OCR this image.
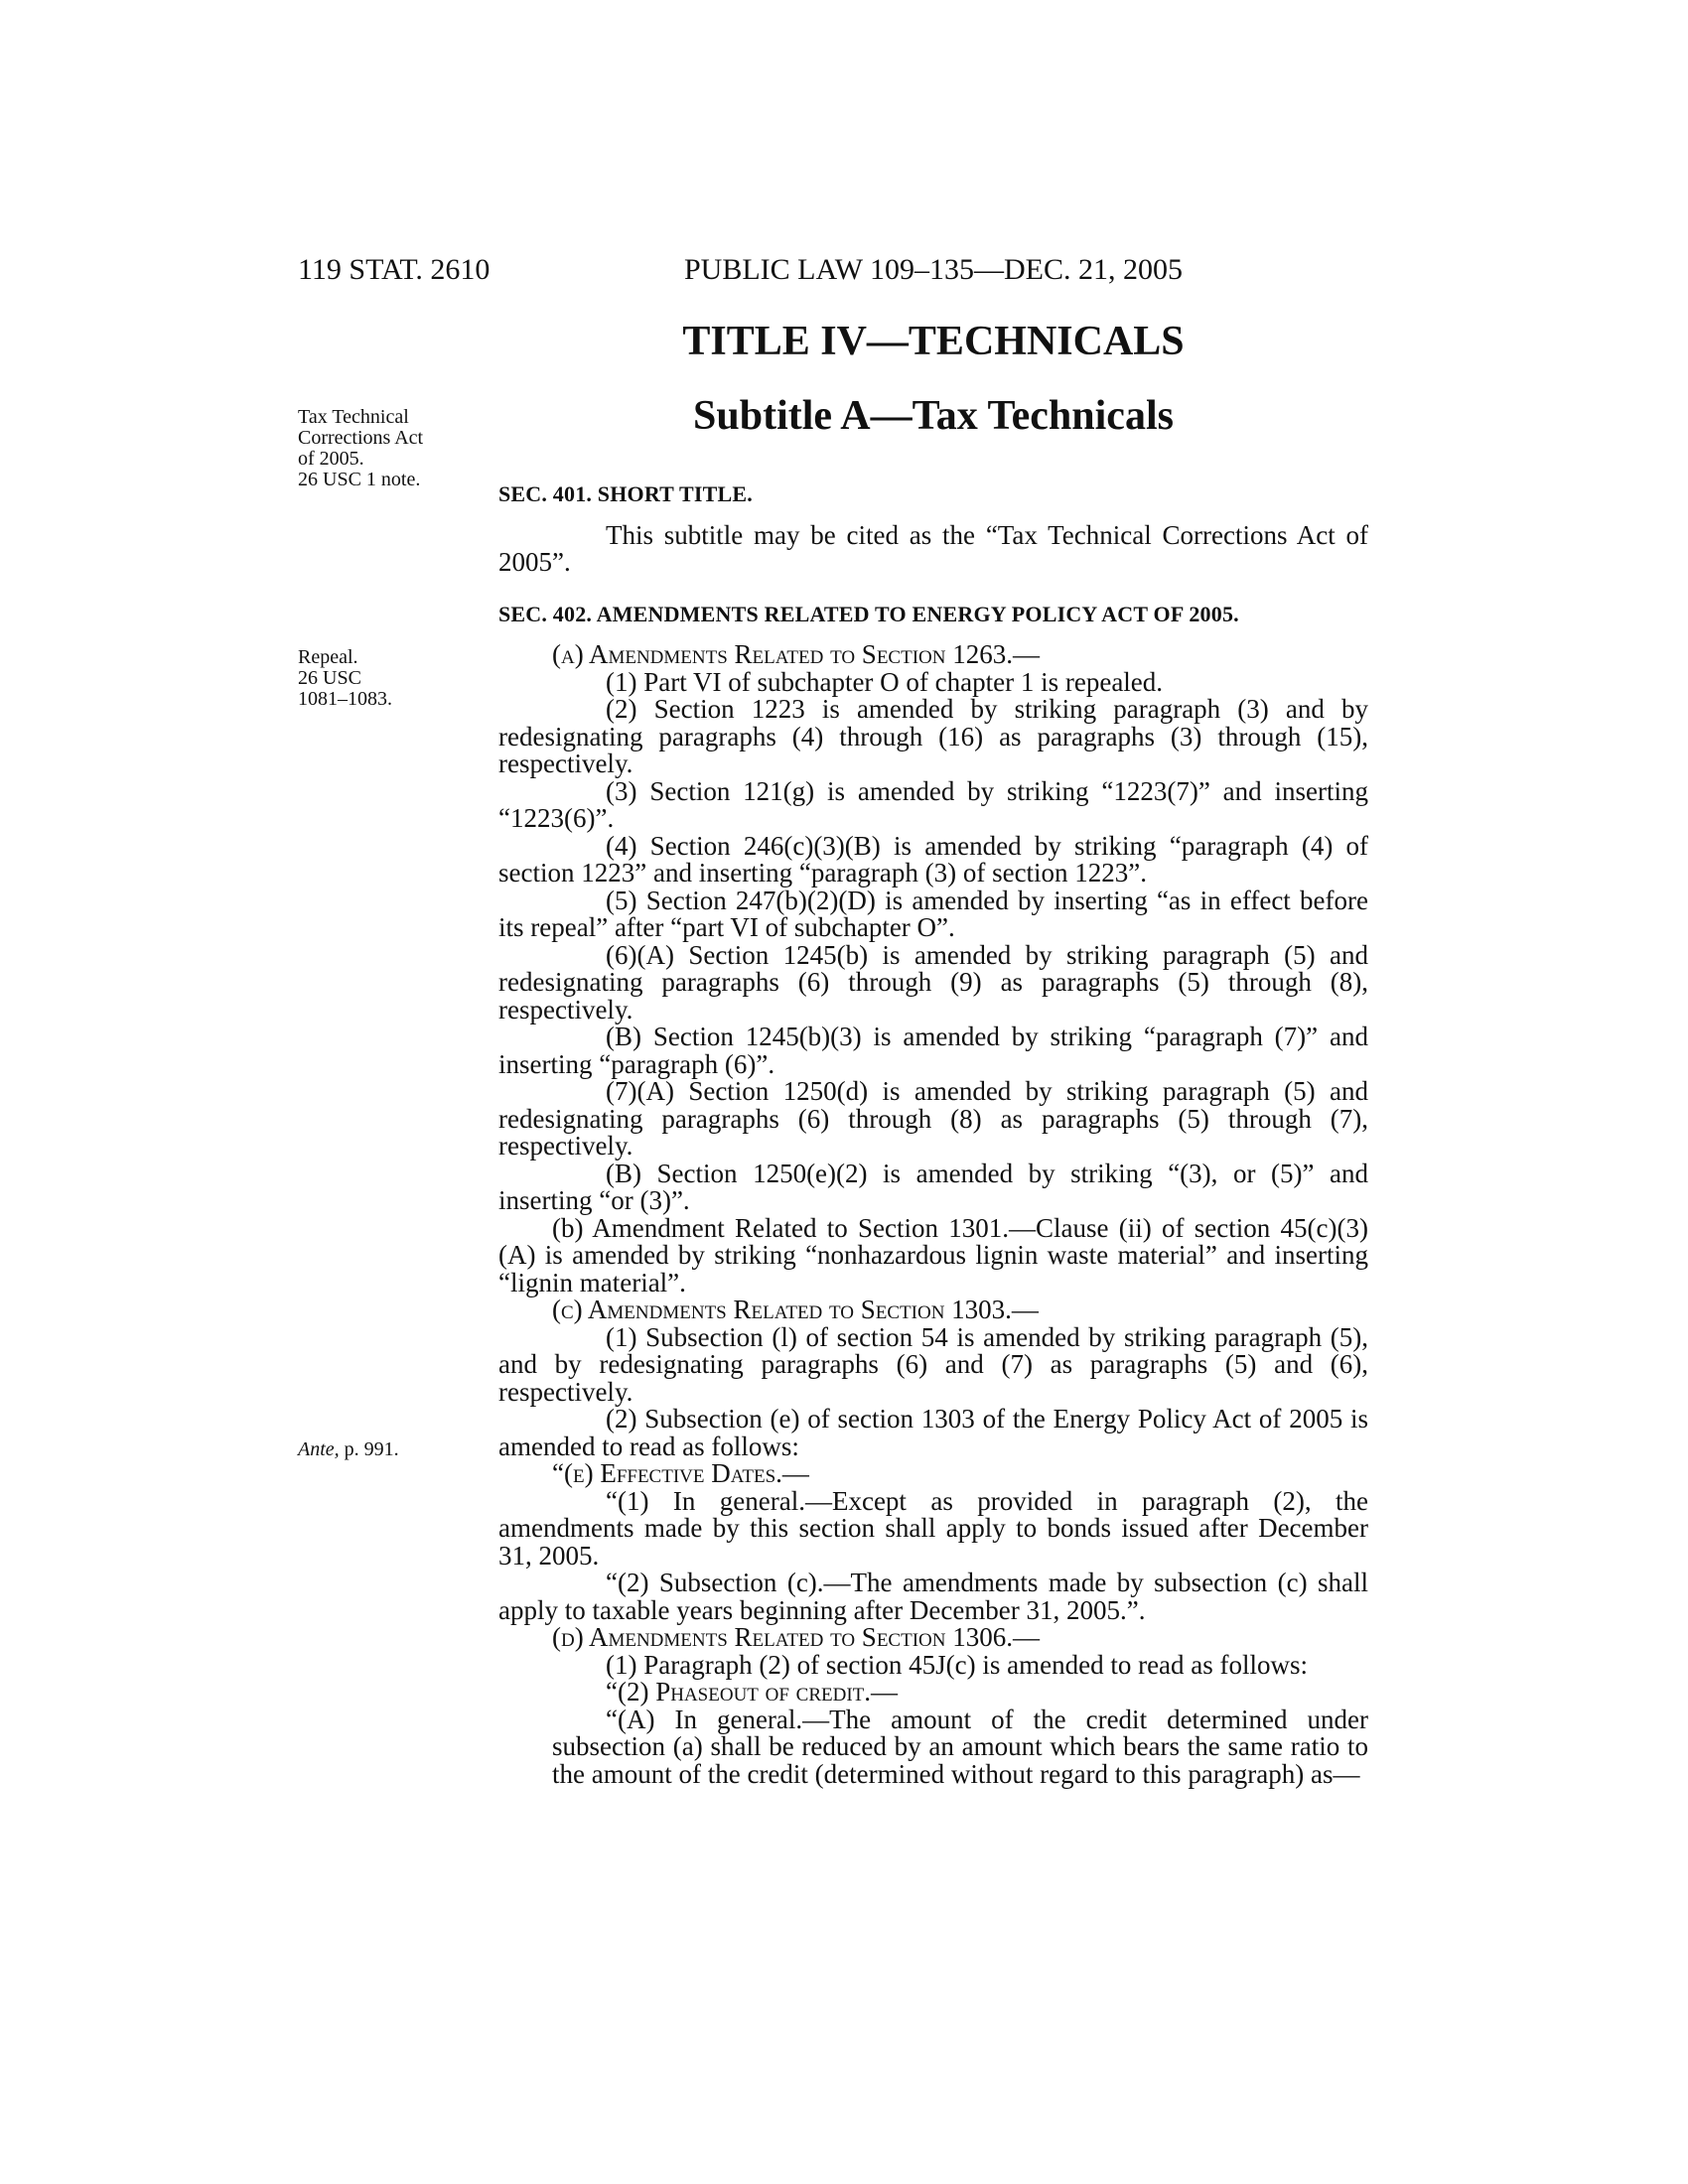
119 STAT. 2610	PUBLIC LAW 109–135—DEC. 21, 2005
TITLE IV—TECHNICALS
Subtitle A—Tax Technicals
Tax Technical
Corrections Act
of 2005.
26 USC 1 note.
Repeal.
26 USC
1081–1083.
Ante, p. 991.

SEC. 401. SHORT TITLE.

This subtitle may be cited as the “Tax Technical Corrections Act of 2005”.

SEC. 402. AMENDMENTS RELATED TO ENERGY POLICY ACT OF 2005.

(a) Amendments Related to Section 1263.—

(1) Part VI of subchapter O of chapter 1 is repealed.

(2) Section 1223 is amended by striking paragraph (3) and by redesignating paragraphs (4) through (16) as paragraphs (3) through (15), respectively.

(3) Section 121(g) is amended by striking “1223(7)” and inserting “1223(6)”.

(4) Section 246(c)(3)(B) is amended by striking “paragraph (4) of section 1223” and inserting “paragraph (3) of section 1223”.

(5) Section 247(b)(2)(D) is amended by inserting “as in effect before its repeal” after “part VI of subchapter O”.

(6)(A) Section 1245(b) is amended by striking paragraph (5) and redesignating paragraphs (6) through (9) as paragraphs (5) through (8), respectively.

(B) Section 1245(b)(3) is amended by striking “paragraph (7)” and inserting “paragraph (6)”.

(7)(A) Section 1250(d) is amended by striking paragraph (5) and redesignating paragraphs (6) through (8) as paragraphs (5) through (7), respectively.

(B) Section 1250(e)(2) is amended by striking “(3), or (5)” and inserting “or (3)”.

(b) Amendment Related to Section 1301.—Clause (ii) of section 45(c)(3)(A) is amended by striking “nonhazardous lignin waste material” and inserting “lignin material”.

(c) Amendments Related to Section 1303.—

(1) Subsection (l) of section 54 is amended by striking paragraph (5), and by redesignating paragraphs (6) and (7) as paragraphs (5) and (6), respectively.

(2) Subsection (e) of section 1303 of the Energy Policy Act of 2005 is amended to read as follows:

“(e) Effective Dates.—

“(1) In general.—Except as provided in paragraph (2), the amendments made by this section shall apply to bonds issued after December 31, 2005.

“(2) Subsection (c).—The amendments made by subsection (c) shall apply to taxable years beginning after December 31, 2005.”.

(d) Amendments Related to Section 1306.—

(1) Paragraph (2) of section 45J(c) is amended to read as follows:

“(2) Phaseout of credit.—

“(A) In general.—The amount of the credit determined under subsection (a) shall be reduced by an amount which bears the same ratio to the amount of the credit (determined without regard to this paragraph) as—
